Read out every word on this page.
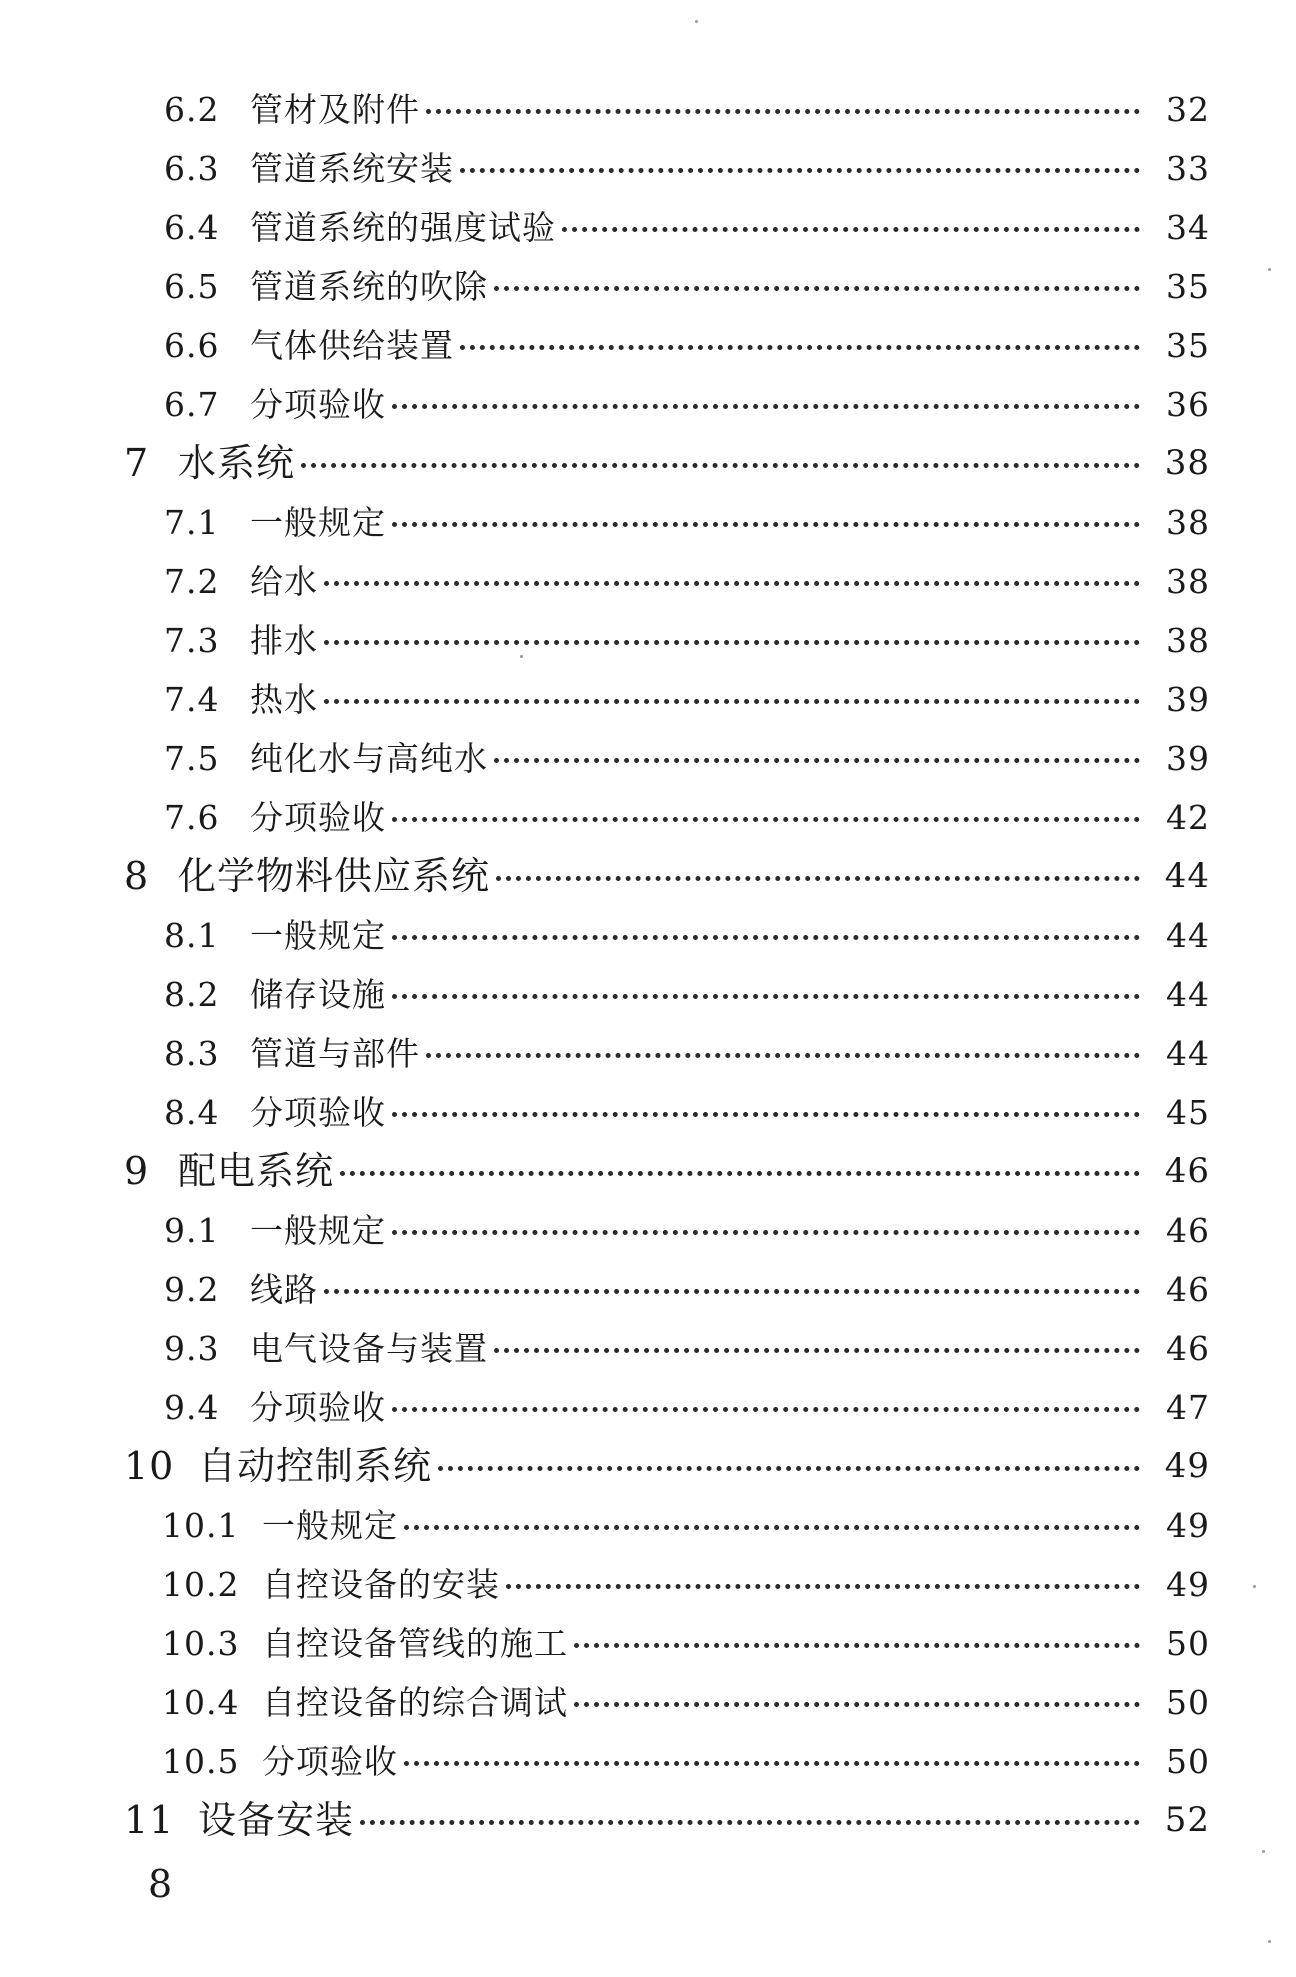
6.2 管材及附件	32
6.3 管道系统安装	33
6.4 管道系统的强度试验	34
6.5 管道系统的吹除	35
6.6 气体供给装置	35
6.7 分项验收	36
7 水系统	38
7.1 一般规定	38
7.2 给水	38
7.3 排水	38
7.4 热水	39
7.5 纯化水与高纯水	39
7.6 分项验收	42
8 化学物料供应系统	44
8.1 一般规定	44
8.2 储存设施	44
8.3 管道与部件	44
8.4 分项验收	45
9 配电系统	46
9.1 一般规定	46
9.2 线路	46
9.3 电气设备与装置	46
9.4 分项验收	47
10 自动控制系统	49
10.1 一般规定	49
10.2 自控设备的安装	49
10.3 自控设备管线的施工	50
10.4 自控设备的综合调试	50
10.5 分项验收	50
11 设备安装	52
8
